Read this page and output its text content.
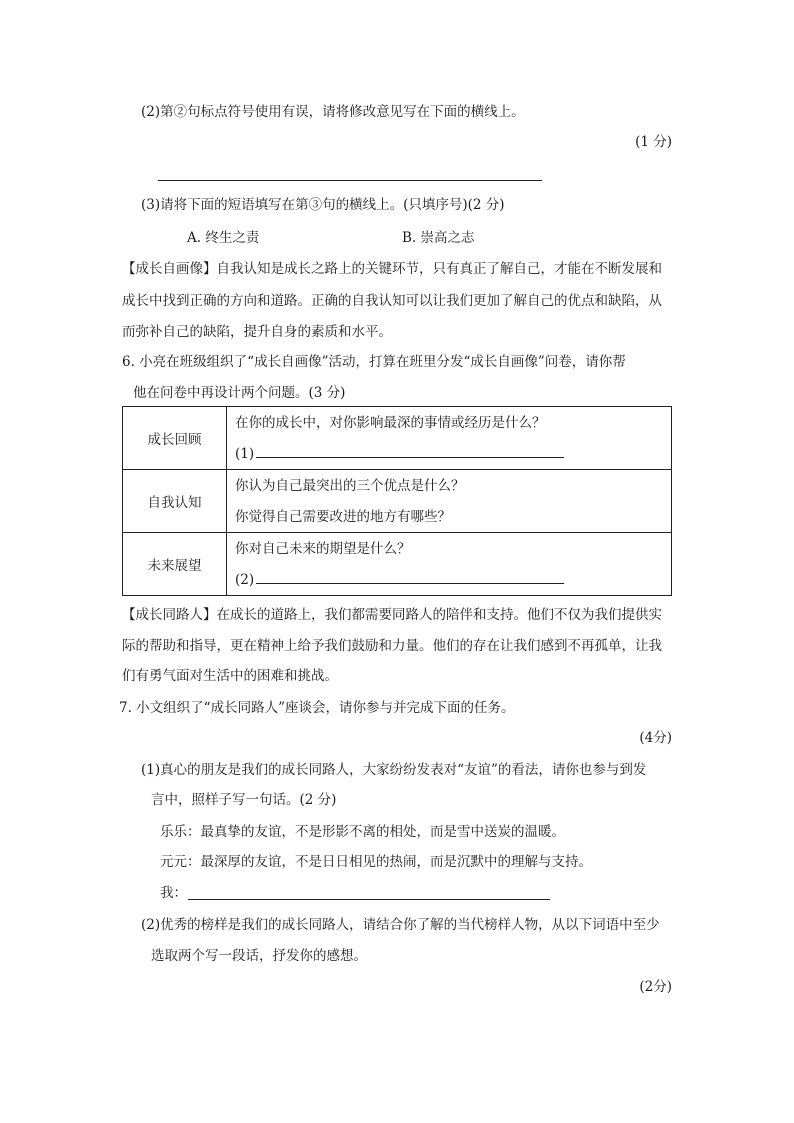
(2)第②句标点符号使用有误，请将修改意见写在下面的横线上。
(1 分)
(3)请将下面的短语填写在第③句的横线上。(只填序号)(2 分)
A. 终生之责	B. 崇高之志
【成长自画像】自我认知是成长之路上的关键环节，只有真正了解自己，才能在不断发展和
成长中找到正确的方向和道路。正确的自我认知可以让我们更加了解自己的优点和缺陷，从
而弥补自己的缺陷，提升自身的素质和水平。
6. 小亮在班级组织了“成长自画像”活动，打算在班里分发“成长自画像”问卷，请你帮
他在问卷中再设计两个问题。(3 分)
成长回顾	在你的成长中，对你影响最深的事情或经历是什么？
(1)

自我认知	你认为自己最突出的三个优点是什么？
你觉得自己需要改进的地方有哪些？

未来展望	你对自己未来的期望是什么？
(2)
【成长同路人】在成长的道路上，我们都需要同路人的陪伴和支持。他们不仅为我们提供实
际的帮助和指导，更在精神上给予我们鼓励和力量。他们的存在让我们感到不再孤单，让我
们有勇气面对生活中的困难和挑战。
7. 小文组织了“成长同路人”座谈会，请你参与并完成下面的任务。
(4分)
(1)真心的朋友是我们的成长同路人，大家纷纷发表对“友谊”的看法，请你也参与到发
言中，照样子写一句话。(2 分)
乐乐：最真挚的友谊，不是形影不离的相处，而是雪中送炭的温暖。
元元：最深厚的友谊，不是日日相见的热闹，而是沉默中的理解与支持。
我：
(2)优秀的榜样是我们的成长同路人，请结合你了解的当代榜样人物，从以下词语中至少
选取两个写一段话，抒发你的感想。
(2分)
